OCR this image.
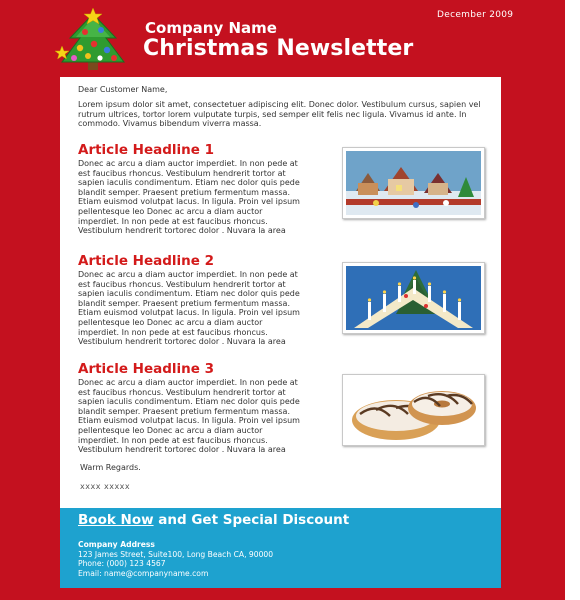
December 2009
Company Name
Christmas Newsletter
Dear Customer Name,

Lorem ipsum dolor sit amet, consectetuer adipiscing elit. Donec dolor. Vestibulum cursus, sapien vel rutrum ultrices, tortor lorem vulputate turpis, sed semper elit felis nec ligula. Vivamus id ante. In commodo. Vivamus bibendum viverra massa.

Article Headline 1

Donec ac arcu a diam auctor imperdiet. In non pede at est faucibus rhoncus. Vestibulum hendrerit tortor at sapien iaculis condimentum. Etiam nec dolor quis pede blandit semper. Praesent pretium fermentum massa. Etiam euismod volutpat lacus. In ligula. Proin vel ipsum pellentesque leo Donec ac arcu a diam auctor imperdiet. In non pede at est faucibus rhoncus. Vestibulum hendrerit tortorec dolor . Nuvara la area

Article Headline 2

Donec ac arcu a diam auctor imperdiet. In non pede at est faucibus rhoncus. Vestibulum hendrerit tortor at sapien iaculis condimentum. Etiam nec dolor quis pede blandit semper. Praesent pretium fermentum massa. Etiam euismod volutpat lacus. In ligula. Proin vel ipsum pellentesque leo Donec ac arcu a diam auctor imperdiet. In non pede at est faucibus rhoncus. Vestibulum hendrerit tortorec dolor . Nuvara la area

Article Headline 3

Donec ac arcu a diam auctor imperdiet. In non pede at est faucibus rhoncus. Vestibulum hendrerit tortor at sapien iaculis condimentum. Etiam nec dolor quis pede blandit semper. Praesent pretium fermentum massa. Etiam euismod volutpat lacus. In ligula. Proin vel ipsum pellentesque leo Donec ac arcu a diam auctor imperdiet. In non pede at est faucibus rhoncus. Vestibulum hendrerit tortorec dolor . Nuvara la area

Warm Regards.
xxxx xxxxx
Book Now and Get Special Discount
Company Address
123 James Street, Suite100, Long Beach CA, 90000
Phone: (000) 123 4567
Email: name@companyname.com
